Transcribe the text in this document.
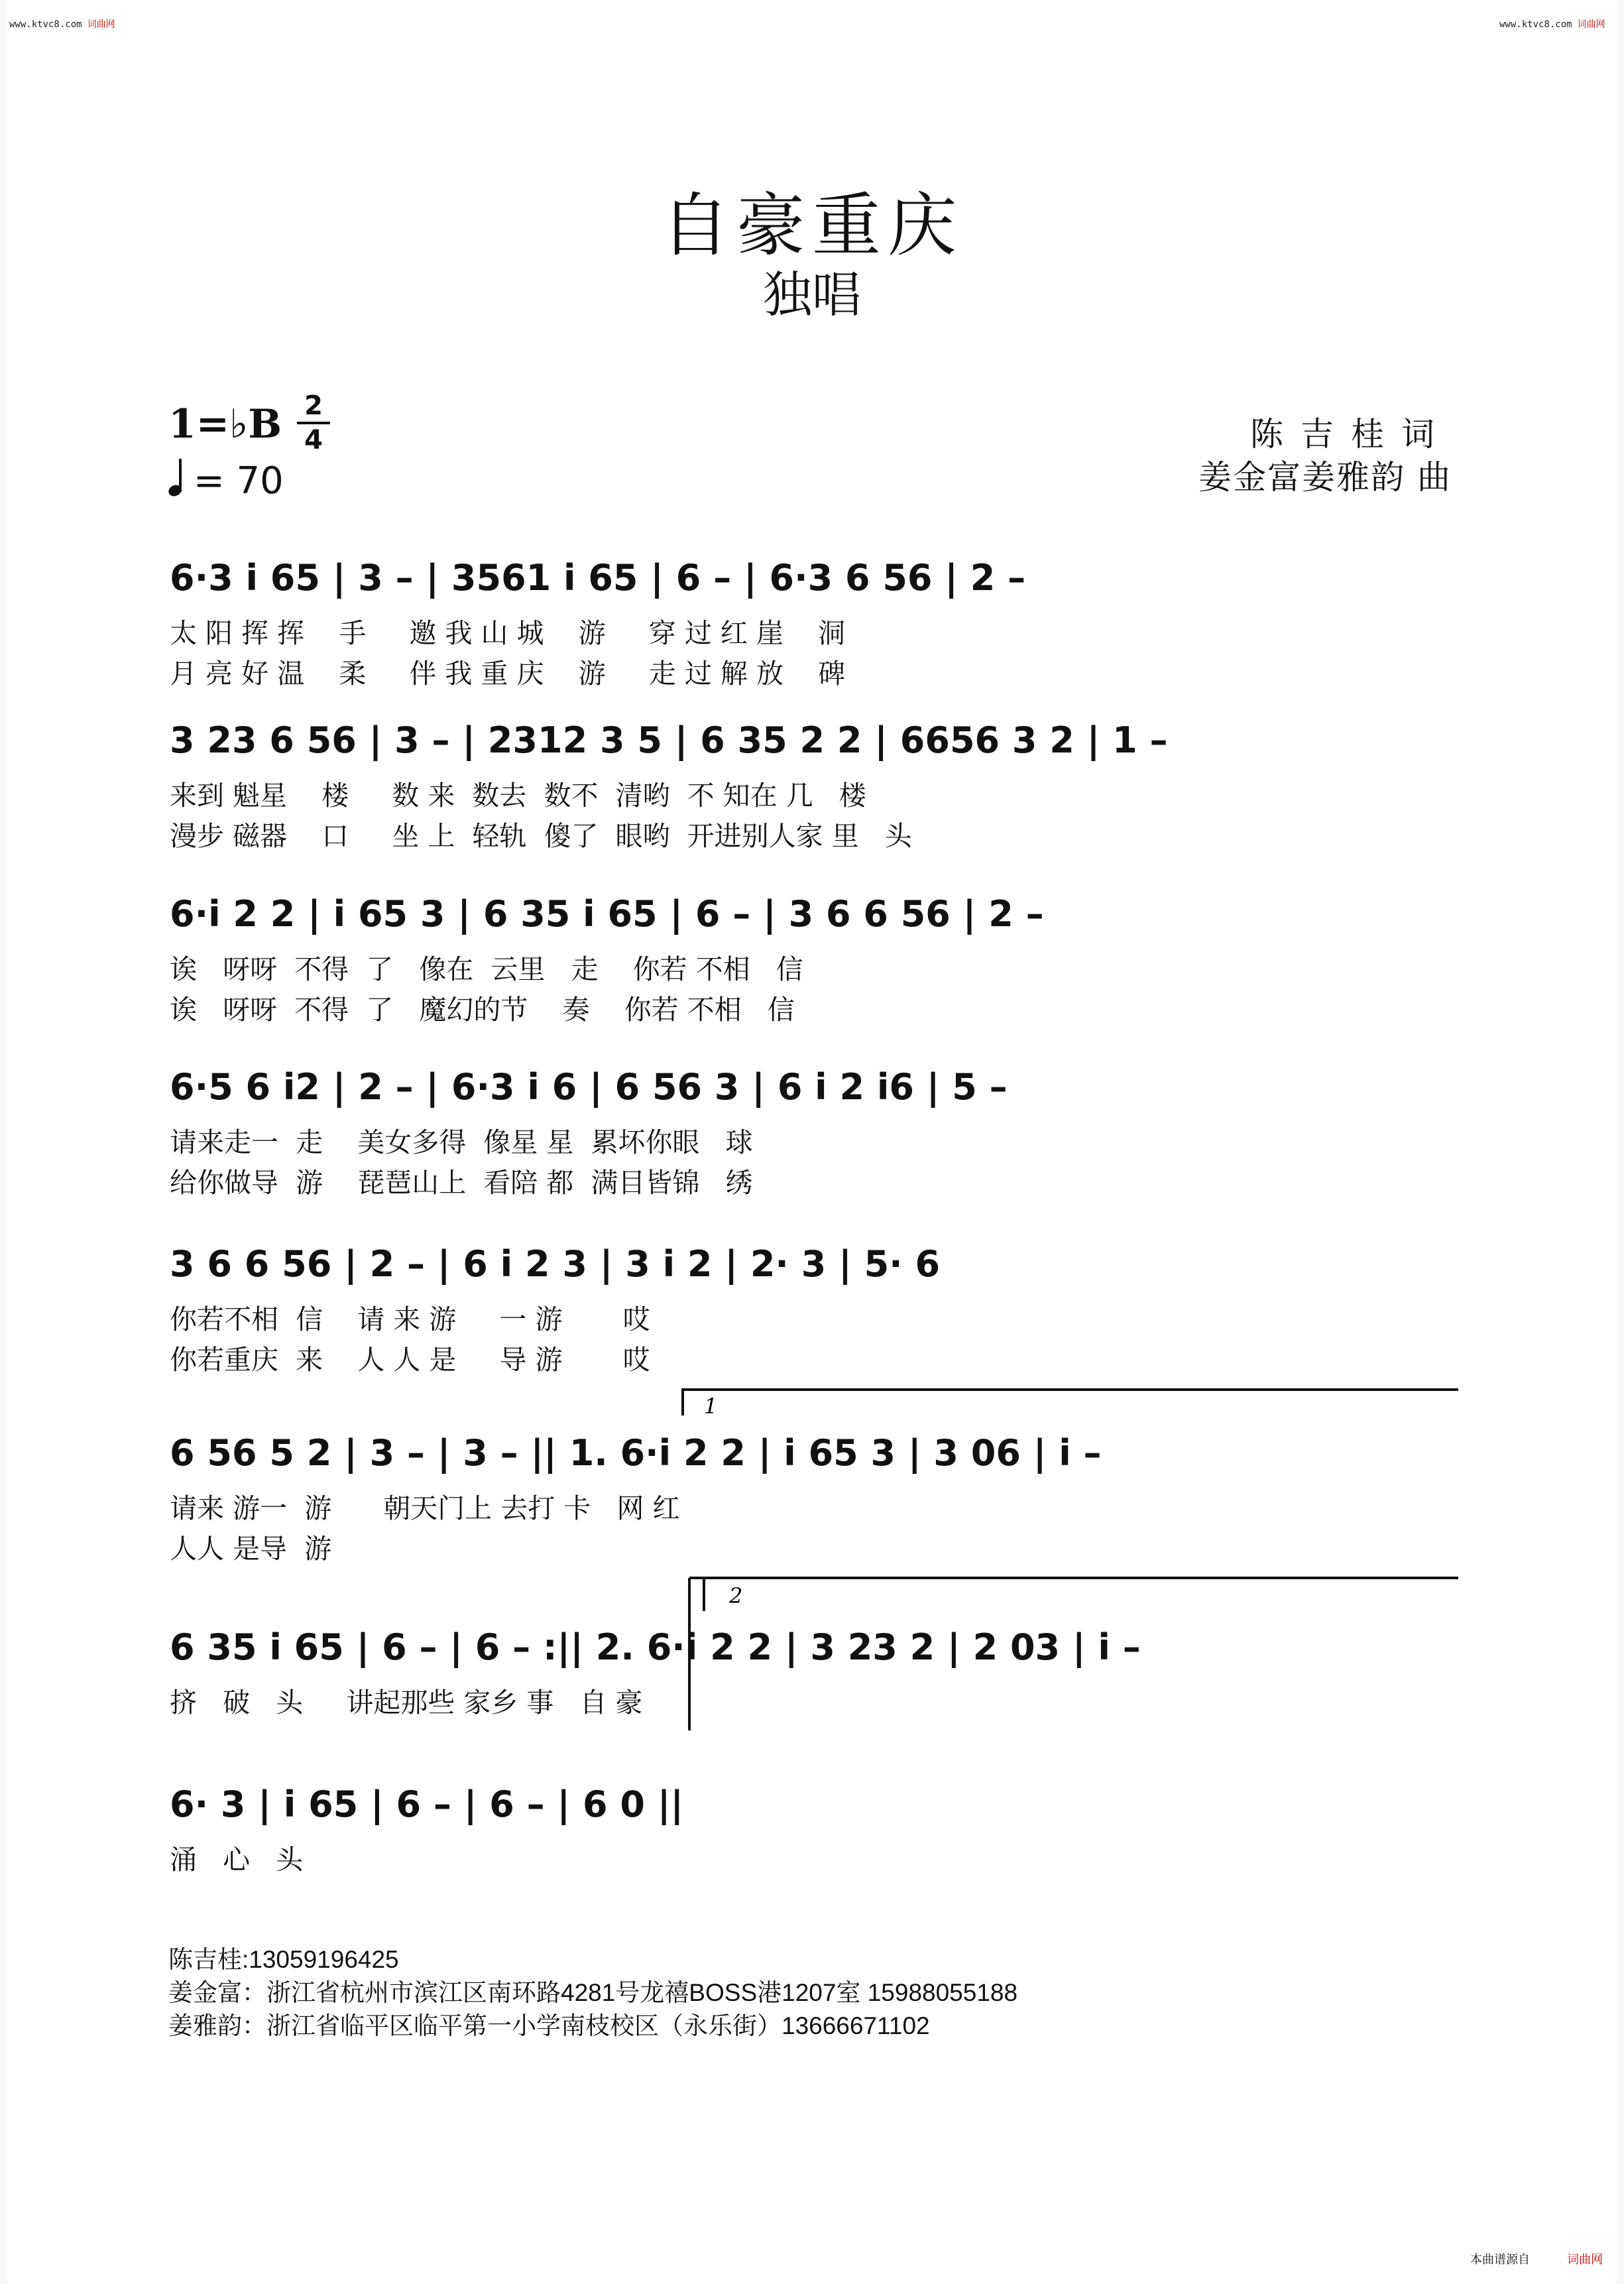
www.ktvc8.com 词曲网	www.ktvc8.com 词曲网
自豪重庆
独唱
1=♭B 2
4
= 70
陈吉桂词
姜金富姜雅韵 曲
6·3 i 65 | 3 – | 3561 i 65 | 6 – | 6·3 6 56 | 2 –
太 阳 挥 挥    手     邀 我 山 城    游     穿 过 红 崖    洞
月 亮 好 温    柔     伴 我 重 庆    游     走 过 解 放    碑
3 23 6 56 | 3 – | 2312 3 5 | 6 35 2 2 | 6656 3 2 | 1 –
来到 魁星    楼     数 来  数去  数不  清哟  不 知在 几   楼
漫步 磁器    口     坐 上  轻轨  傻了  眼哟  开进别人家 里   头
6·i 2 2 | i 65 3 | 6 35 i 65 | 6 – | 3 6 6 56 | 2 –
诶   呀呀  不得  了   像在  云里   走    你若 不相   信
诶   呀呀  不得  了   魔幻的节    奏    你若 不相   信
6·5 6 i2 | 2 – | 6·3 i 6 | 6 56 3 | 6 i 2 i6 | 5 –
请来走一  走    美女多得  像星 星  累坏你眼   球
给你做导  游    琵琶山上  看陪 都  满目皆锦   绣
3 6 6 56 | 2 – | 6 i 2 3 | 3 i 2 | 2· 3 | 5· 6
你若不相  信    请 来 游     一 游       哎
你若重庆  来    人 人 是     导 游       哎
6 56 5 2 | 3 – | 3 – || 1. 6·i 2 2 | i 65 3 | 3 06 | i –
请来 游一  游      朝天门上 去打 卡   网 红
人人 是导  游
6 35 i 65 | 6 – | 6 – :|| 2. 6·i 2 2 | 3 23 2 | 2 03 | i –
挤   破   头     讲起那些 家乡 事   自 豪
6· 3 | i 65 | 6 – | 6 – | 6 0 ||
涌   心   头
1
2
陈吉桂:13059196425
姜金富：浙江省杭州市滨江区南环路4281号龙禧BOSS港1207室 15988055188
姜雅韵：浙江省临平区临平第一小学南枝校区（永乐街）13666671102
本曲谱源自	词曲网
